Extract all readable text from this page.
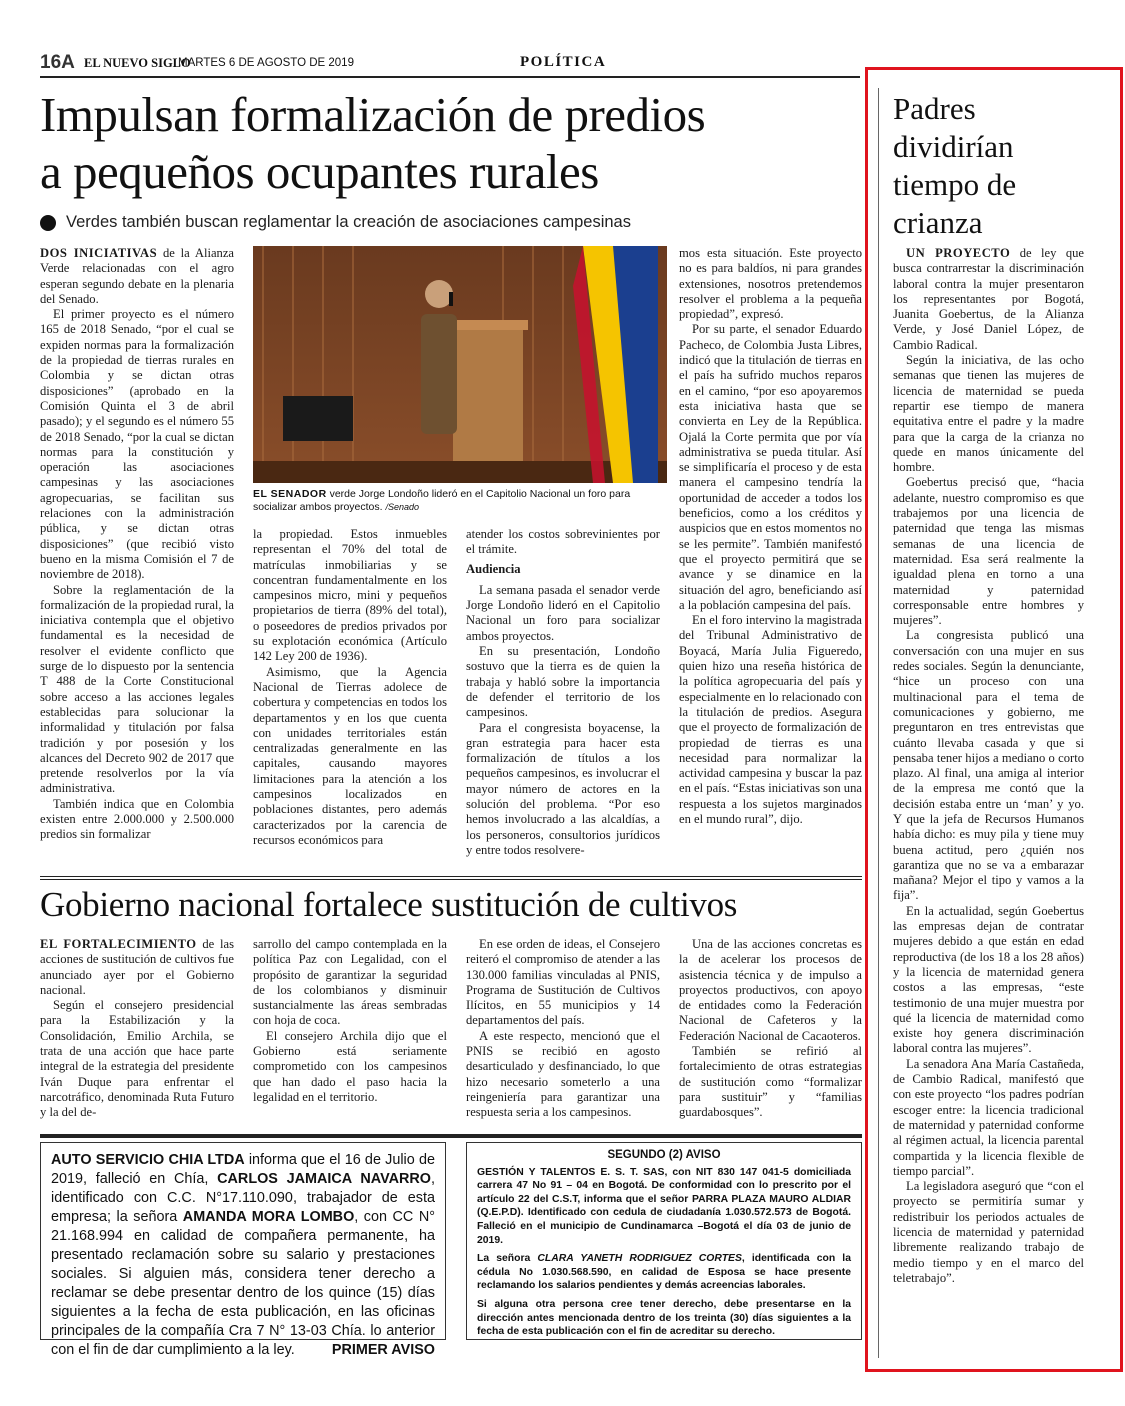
16A EL NUEVO SIGLO
MARTES 6 DE AGOSTO DE 2019	POLÍTICA
Impulsan formalización de predios
a pequeños ocupantes rurales
Verdes también buscan reglamentar la creación de asociaciones campesinas
EL SENADOR verde Jorge Londoño lideró en el Capitolio Nacional un foro para socializar ambos proyectos. /Senado

DOS INICIATIVAS de la Alianza Verde relacionadas con el agro esperan segundo debate en la plenaria del Senado.

El primer proyecto es el número 165 de 2018 Senado, “por el cual se expiden normas para la formalización de la propiedad de tierras rurales en Colombia y se dictan otras disposiciones” (aprobado en la Comisión Quinta el 3 de abril pasado); y el segundo es el número 55 de 2018 Senado, “por la cual se dictan normas para la constitución y operación las asociaciones campesinas y las asociaciones agropecuarias, se facilitan sus relaciones con la administración pública, y se dictan otras disposiciones” (que recibió visto bueno en la misma Comisión el 7 de noviembre de 2018).

Sobre la reglamentación de la formalización de la propiedad rural, la iniciativa contempla que el objetivo fundamental es la necesidad de resolver el evidente conflicto que surge de lo dispuesto por la sentencia T 488 de la Corte Constitucional sobre acceso a las acciones legales establecidas para solucionar la informalidad y titulación por falsa tradición y por posesión y los alcances del Decreto 902 de 2017 que pretende resolverlos por la vía administrativa.

También indica que en Colombia existen entre 2.000.000 y 2.500.000 predios sin formalizar

la propiedad. Estos inmuebles representan el 70% del total de matrículas inmobiliarias y se concentran fundamentalmente en los campesinos micro, mini y pequeños propietarios de tierra (89% del total), o poseedores de predios privados por su explotación económica (Artículo 142 Ley 200 de 1936).

Asimismo, que la Agencia Nacional de Tierras adolece de cobertura y competencias en todos los departamentos y en los que cuenta con unidades territoriales están centralizadas generalmente en las capitales, causando mayores limitaciones para la atención a los campesinos localizados en poblaciones distantes, pero además caracterizados por la carencia de recursos económicos para

atender los costos sobrevinientes por el trámite.

Audiencia

La semana pasada el senador verde Jorge Londoño lideró en el Capitolio Nacional un foro para socializar ambos proyectos.

En su presentación, Londoño sostuvo que la tierra es de quien la trabaja y habló sobre la importancia de defender el territorio de los campesinos.

Para el congresista boyacense, la gran estrategia para hacer esta formalización de títulos a los pequeños campesinos, es involucrar el mayor número de actores en la solución del problema. “Por eso hemos involucrado a las alcaldías, a los personeros, consultorios jurídicos y entre todos resolvere-

mos esta situación. Este proyecto no es para baldíos, ni para grandes extensiones, nosotros pretendemos resolver el problema a la pequeña propiedad”, expresó.

Por su parte, el senador Eduardo Pacheco, de Colombia Justa Libres, indicó que la titulación de tierras en el país ha sufrido muchos reparos en el camino, “por eso apoyaremos esta iniciativa hasta que se convierta en Ley de la República. Ojalá la Corte permita que por vía administrativa se pueda titular. Así se simplificaría el proceso y de esta manera el campesino tendría la oportunidad de acceder a todos los beneficios, como a los créditos y auspicios que en estos momentos no se les permite”. También manifestó que el proyecto permitirá que se avance y se dinamice en la situación del agro, beneficiando así a la población campesina del país.

En el foro intervino la magistrada del Tribunal Administrativo de Boyacá, María Julia Figueredo, quien hizo una reseña histórica de la política agropecuaria del país y especialmente en lo relacionado con la titulación de predios. Asegura que el proyecto de formalización de propiedad de tierras es una necesidad para normalizar la actividad campesina y buscar la paz en el país. “Estas iniciativas son una respuesta a los sujetos marginados en el mundo rural”, dijo.

Gobierno nacional fortalece sustitución de cultivos

EL FORTALECIMIENTO de las acciones de sustitución de cultivos fue anunciado ayer por el Gobierno nacional.

Según el consejero presidencial para la Estabilización y la Consolidación, Emilio Archila, se trata de una acción que hace parte integral de la estrategia del presidente Iván Duque para enfrentar el narcotráfico, denominada Ruta Futuro y la del de-

sarrollo del campo contemplada en la política Paz con Legalidad, con el propósito de garantizar la seguridad de los colombianos y disminuir sustancialmente las áreas sembradas con hoja de coca.

El consejero Archila dijo que el Gobierno está seriamente comprometido con los campesinos que han dado el paso hacia la legalidad en el territorio.

En ese orden de ideas, el Consejero reiteró el compromiso de atender a las 130.000 familias vinculadas al PNIS, Programa de Sustitución de Cultivos Ilícitos, en 55 municipios y 14 departamentos del país.

A este respecto, mencionó que el PNIS se recibió en agosto desarticulado y desfinanciado, lo que hizo necesario someterlo a una reingeniería para garantizar una respuesta seria a los campesinos.

Una de las acciones concretas es la de acelerar los procesos de asistencia técnica y de impulso a proyectos productivos, con apoyo de entidades como la Federación Nacional de Cafeteros y la Federación Nacional de Cacaoteros.

También se refirió al fortalecimiento de otras estrategias de sustitución como “formalizar para sustituir” y “familias guardabosques”.

AUTO SERVICIO CHIA LTDA informa que el 16 de Julio de 2019, falleció en Chía, CARLOS JAMAICA NAVARRO, identificado con C.C. N°17.110.090, trabajador de esta empresa; la señora AMANDA MORA LOMBO, con CC N° 21.168.994 en calidad de compañera permanente, ha presentado reclamación sobre su salario y prestaciones sociales. Si alguien más, considera tener derecho a reclamar se debe presentar dentro de los quince (15) días siguientes a la fecha de esta publicación, en las oficinas principales de la compañía Cra 7 N° 13-03 Chía. lo anterior con el fin de dar cumplimiento a la ley.	PRIMER AVISO

SEGUNDO (2) AVISO

GESTIÓN Y TALENTOS E. S. T. SAS, con NIT 830 147 041-5 domiciliada carrera 47 No 91 – 04 en Bogotá. De conformidad con lo prescrito por el artículo 22 del C.S.T, informa que el señor PARRA PLAZA MAURO ALDIAR (Q.E.P.D). Identificado con cedula de ciudadanía 1.030.572.573 de Bogotá. Falleció en el municipio de Cundinamarca –Bogotá el día 03 de junio de 2019.

La señora CLARA YANETH RODRIGUEZ CORTES, identificada con la cédula No 1.030.568.590, en calidad de Esposa se hace presente reclamando los salarios pendientes y demás acreencias laborales.

Si alguna otra persona cree tener derecho, debe presentarse en la dirección antes mencionada dentro de los treinta (30) días siguientes a la fecha de esta publicación con el fin de acreditar su derecho.

Padres dividirían tiempo de crianza

UN PROYECTO de ley que busca contrarrestar la discriminación laboral contra la mujer presentaron los representantes por Bogotá, Juanita Goebertus, de la Alianza Verde, y José Daniel López, de Cambio Radical.

Según la iniciativa, de las ocho semanas que tienen las mujeres de licencia de maternidad se pueda repartir ese tiempo de manera equitativa entre el padre y la madre para que la carga de la crianza no quede en manos únicamente del hombre.

Goebertus precisó que, “hacia adelante, nuestro compromiso es que trabajemos por una licencia de paternidad que tenga las mismas semanas de una licencia de maternidad. Esa será realmente la igualdad plena en torno a una maternidad y paternidad corresponsable entre hombres y mujeres”.

La congresista publicó una conversación con una mujer en sus redes sociales. Según la denunciante, “hice un proceso con una multinacional para el tema de comunicaciones y gobierno, me preguntaron en tres entrevistas que cuánto llevaba casada y que si pensaba tener hijos a mediano o corto plazo. Al final, una amiga al interior de la empresa me contó que la decisión estaba entre un ‘man’ y yo. Y que la jefa de Recursos Humanos había dicho: es muy pila y tiene muy buena actitud, pero ¿quién nos garantiza que no se va a embarazar mañana? Mejor el tipo y vamos a la fija”.

En la actualidad, según Goebertus las empresas dejan de contratar mujeres debido a que están en edad reproductiva (de los 18 a los 28 años) y la licencia de maternidad genera costos a las empresas, “este testimonio de una mujer muestra por qué la licencia de maternidad como existe hoy genera discriminación laboral contra las mujeres”.

La senadora Ana María Castañeda, de Cambio Radical, manifestó que con este proyecto “los padres podrían escoger entre: la licencia tradicional de maternidad y paternidad conforme al régimen actual, la licencia parental compartida y la licencia flexible de tiempo parcial”.

La legisladora aseguró que “con el proyecto se permitiría sumar y redistribuir los periodos actuales de licencia de maternidad y paternidad libremente realizando trabajo de medio tiempo y en el marco del teletrabajo”.
